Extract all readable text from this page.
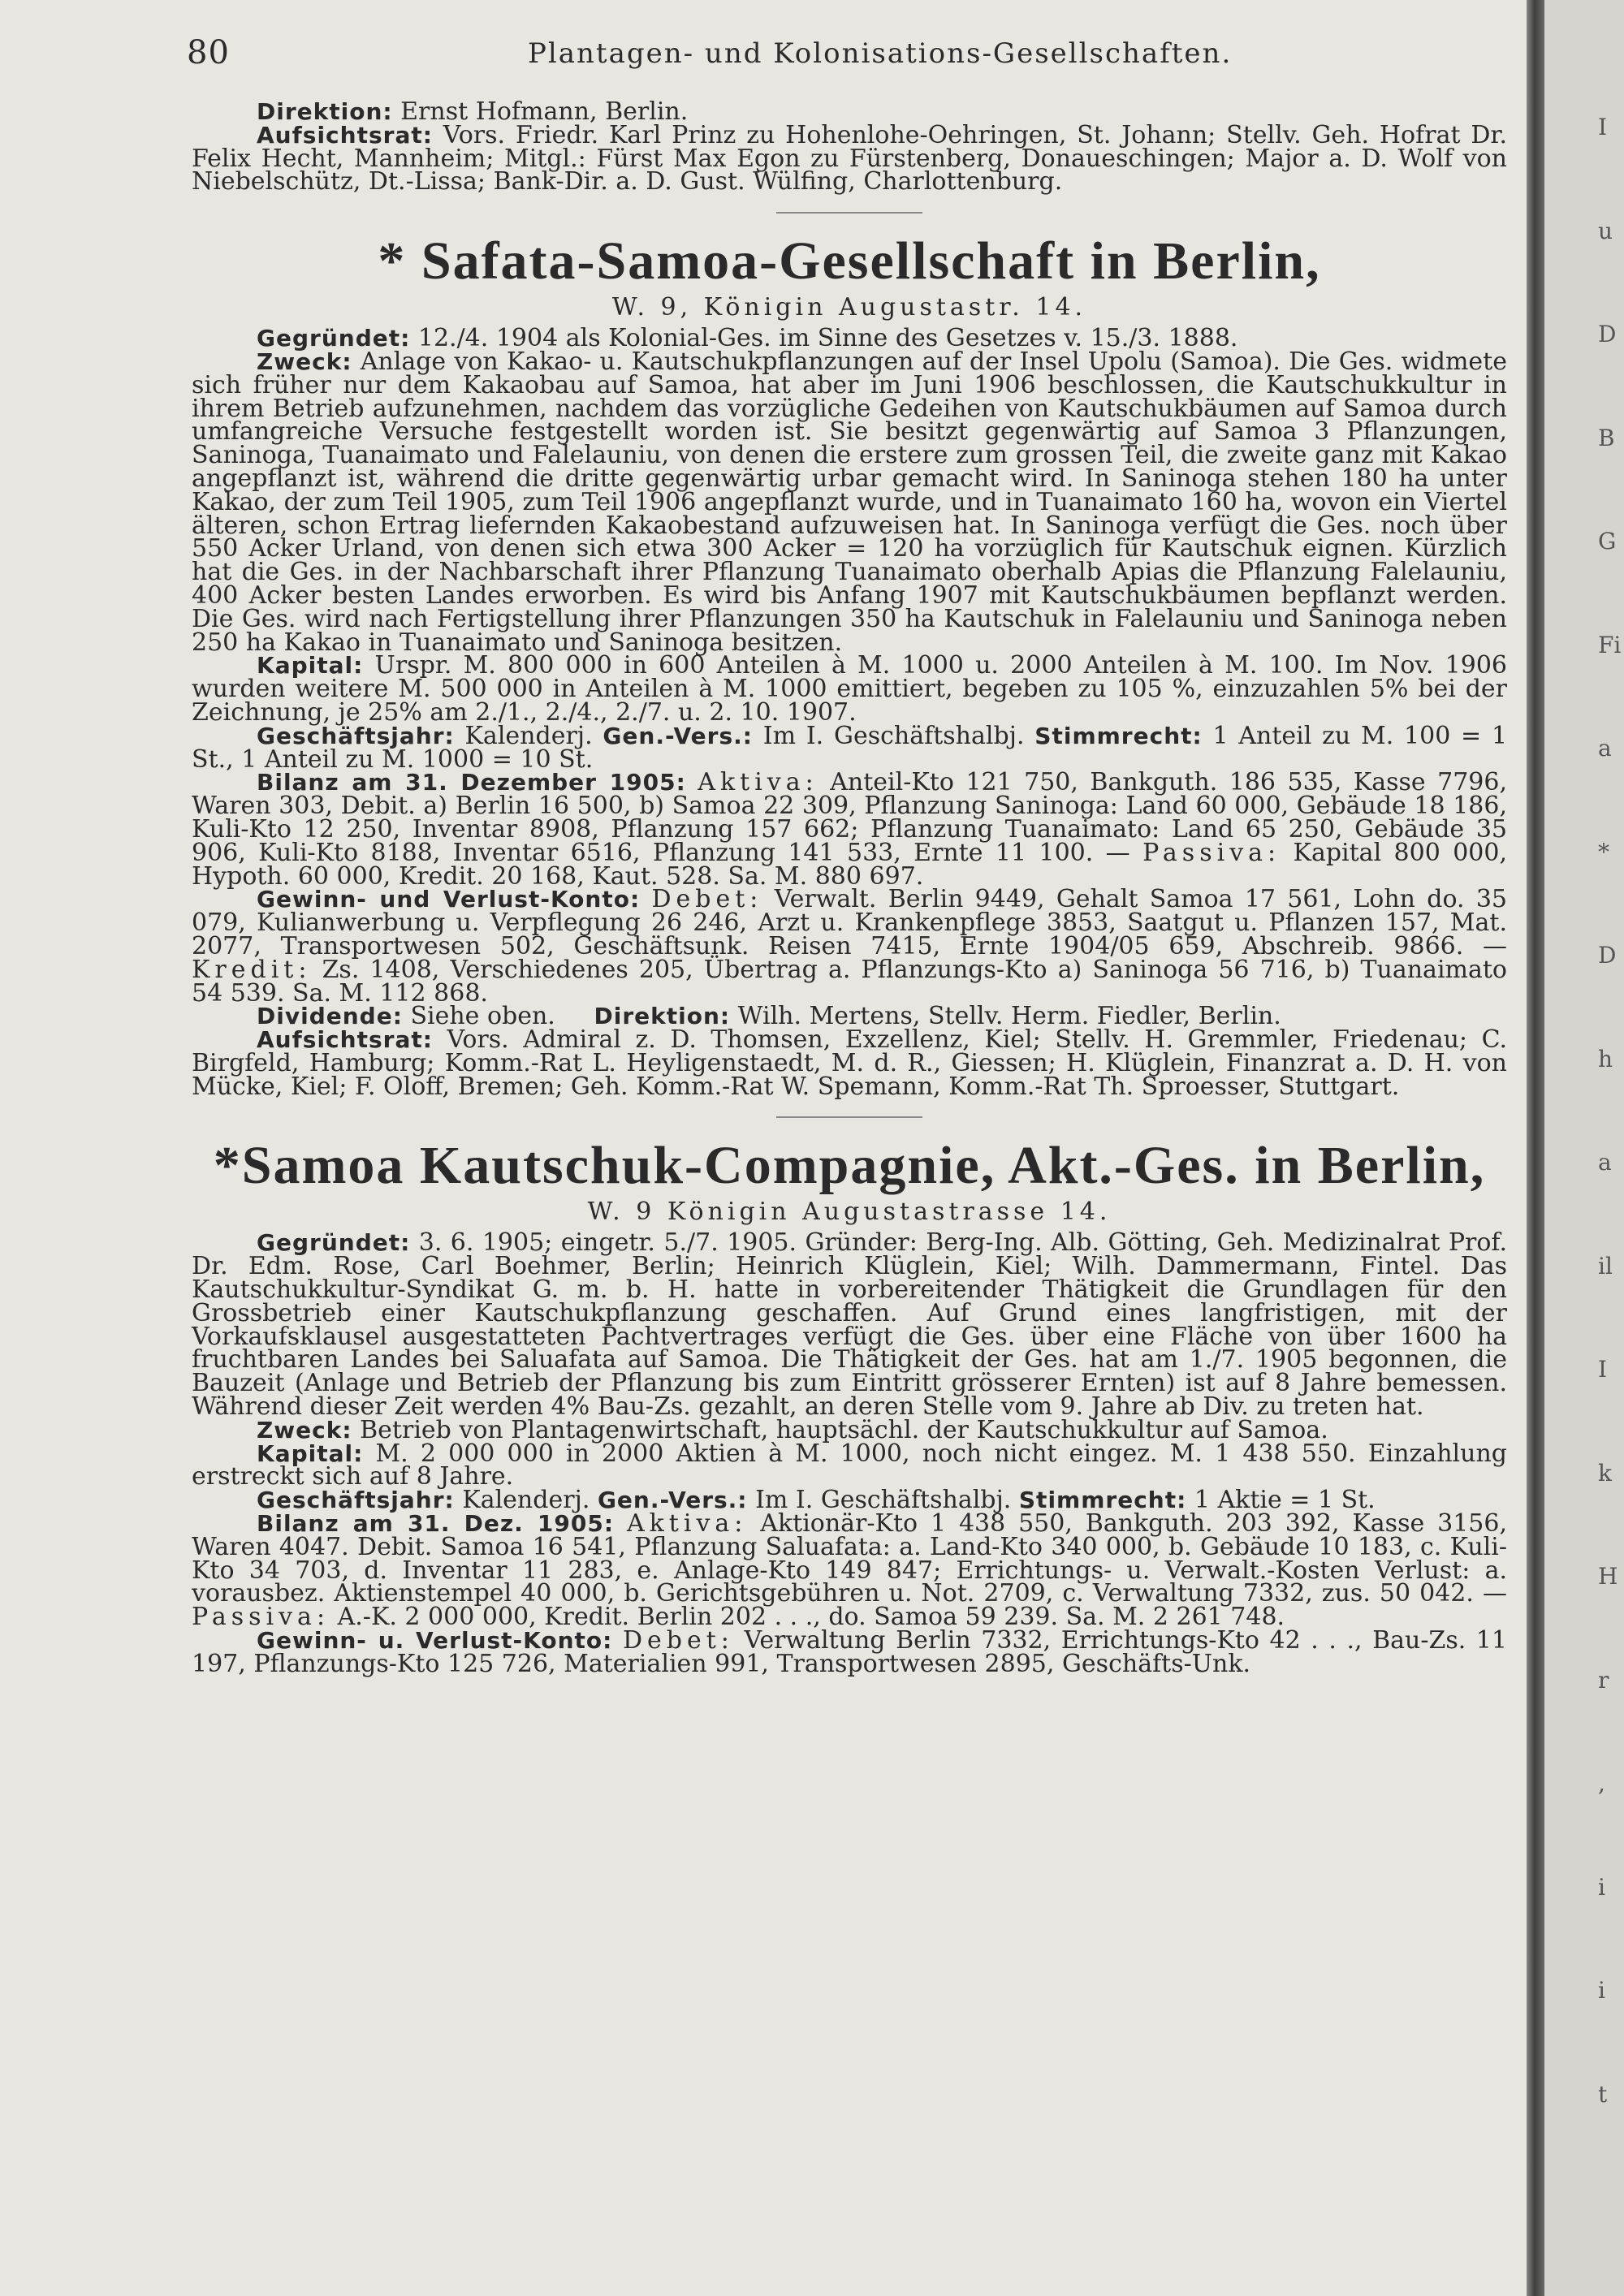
80	Plantagen- und Kolonisations-Gesellschaften.

Direktion: Ernst Hofmann, Berlin.

Aufsichtsrat: Vors. Friedr. Karl Prinz zu Hohenlohe-Oehringen, St. Johann; Stellv. Geh. Hofrat Dr. Felix Hecht, Mannheim; Mitgl.: Fürst Max Egon zu Fürstenberg, Donaueschingen; Major a. D. Wolf von Niebelschütz, Dt.-Lissa; Bank-Dir. a. D. Gust. Wülfing, Charlottenburg.

* Safata-Samoa-Gesellschaft in Berlin,

W. 9, Königin Augustastr. 14.

Gegründet: 12./4. 1904 als Kolonial-Ges. im Sinne des Gesetzes v. 15./3. 1888.

Zweck: Anlage von Kakao- u. Kautschukpflanzungen auf der Insel Upolu (Samoa). Die Ges. widmete sich früher nur dem Kakaobau auf Samoa, hat aber im Juni 1906 beschlossen, die Kautschukkultur in ihrem Betrieb aufzunehmen, nachdem das vorzügliche Gedeihen von Kautschukbäumen auf Samoa durch umfangreiche Versuche festgestellt worden ist. Sie besitzt gegenwärtig auf Samoa 3 Pflanzungen, Saninoga, Tuanaimato und Falelauniu, von denen die erstere zum grossen Teil, die zweite ganz mit Kakao angepflanzt ist, während die dritte gegenwärtig urbar gemacht wird. In Saninoga stehen 180 ha unter Kakao, der zum Teil 1905, zum Teil 1906 angepflanzt wurde, und in Tuanaimato 160 ha, wovon ein Viertel älteren, schon Ertrag liefernden Kakaobestand aufzuweisen hat. In Saninoga verfügt die Ges. noch über 550 Acker Urland, von denen sich etwa 300 Acker = 120 ha vorzüglich für Kautschuk eignen. Kürzlich hat die Ges. in der Nachbarschaft ihrer Pflanzung Tuanaimato oberhalb Apias die Pflanzung Falelauniu, 400 Acker besten Landes erworben. Es wird bis Anfang 1907 mit Kautschukbäumen bepflanzt werden. Die Ges. wird nach Fertigstellung ihrer Pflanzungen 350 ha Kautschuk in Falelauniu und Saninoga neben 250 ha Kakao in Tuanaimato und Saninoga besitzen.

Kapital: Urspr. M. 800 000 in 600 Anteilen à M. 1000 u. 2000 Anteilen à M. 100. Im Nov. 1906 wurden weitere M. 500 000 in Anteilen à M. 1000 emittiert, begeben zu 105 %, einzuzahlen 5% bei der Zeichnung, je 25% am 2./1., 2./4., 2./7. u. 2. 10. 1907.

Geschäftsjahr: Kalenderj. Gen.-Vers.: Im I. Geschäftshalbj. Stimmrecht: 1 Anteil zu M. 100 = 1 St., 1 Anteil zu M. 1000 = 10 St.

Bilanz am 31. Dezember 1905: Aktiva: Anteil-Kto 121 750, Bankguth. 186 535, Kasse 7796, Waren 303, Debit. a) Berlin 16 500, b) Samoa 22 309, Pflanzung Saninoga: Land 60 000, Gebäude 18 186, Kuli-Kto 12 250, Inventar 8908, Pflanzung 157 662; Pflanzung Tuanaimato: Land 65 250, Gebäude 35 906, Kuli-Kto 8188, Inventar 6516, Pflanzung 141 533, Ernte 11 100. — Passiva: Kapital 800 000, Hypoth. 60 000, Kredit. 20 168, Kaut. 528. Sa. M. 880 697.

Gewinn- und Verlust-Konto: Debet: Verwalt. Berlin 9449, Gehalt Samoa 17 561, Lohn do. 35 079, Kulianwerbung u. Verpflegung 26 246, Arzt u. Krankenpflege 3853, Saatgut u. Pflanzen 157, Mat. 2077, Transportwesen 502, Geschäftsunk. Reisen 7415, Ernte 1904/05 659, Abschreib. 9866. — Kredit: Zs. 1408, Verschiedenes 205, Übertrag a. Pflanzungs-Kto a) Saninoga 56 716, b) Tuanaimato 54 539. Sa. M. 112 868.

Dividende: Siehe oben. Direktion: Wilh. Mertens, Stellv. Herm. Fiedler, Berlin.

Aufsichtsrat: Vors. Admiral z. D. Thomsen, Exzellenz, Kiel; Stellv. H. Gremmler, Friedenau; C. Birgfeld, Hamburg; Komm.-Rat L. Heyligenstaedt, M. d. R., Giessen; H. Klüglein, Finanzrat a. D. H. von Mücke, Kiel; F. Oloff, Bremen; Geh. Komm.-Rat W. Spemann, Komm.-Rat Th. Sproesser, Stuttgart.

*Samoa Kautschuk-Compagnie, Akt.-Ges. in Berlin,

W. 9 Königin Augustastrasse 14.

Gegründet: 3. 6. 1905; eingetr. 5./7. 1905. Gründer: Berg-Ing. Alb. Götting, Geh. Medizinalrat Prof. Dr. Edm. Rose, Carl Boehmer, Berlin; Heinrich Klüglein, Kiel; Wilh. Dammermann, Fintel. Das Kautschukkultur-Syndikat G. m. b. H. hatte in vorbereitender Thätigkeit die Grundlagen für den Grossbetrieb einer Kautschukpflanzung geschaffen. Auf Grund eines langfristigen, mit der Vorkaufsklausel ausgestatteten Pachtvertrages verfügt die Ges. über eine Fläche von über 1600 ha fruchtbaren Landes bei Saluafata auf Samoa. Die Thätigkeit der Ges. hat am 1./7. 1905 begonnen, die Bauzeit (Anlage und Betrieb der Pflanzung bis zum Eintritt grösserer Ernten) ist auf 8 Jahre bemessen. Während dieser Zeit werden 4% Bau-Zs. gezahlt, an deren Stelle vom 9. Jahre ab Div. zu treten hat.

Zweck: Betrieb von Plantagenwirtschaft, hauptsächl. der Kautschukkultur auf Samoa.

Kapital: M. 2 000 000 in 2000 Aktien à M. 1000, noch nicht eingez. M. 1 438 550. Einzahlung erstreckt sich auf 8 Jahre.

Geschäftsjahr: Kalenderj. Gen.-Vers.: Im I. Geschäftshalbj. Stimmrecht: 1 Aktie = 1 St.

Bilanz am 31. Dez. 1905: Aktiva: Aktionär-Kto 1 438 550, Bankguth. 203 392, Kasse 3156, Waren 4047. Debit. Samoa 16 541, Pflanzung Saluafata: a. Land-Kto 340 000, b. Gebäude 10 183, c. Kuli-Kto 34 703, d. Inventar 11 283, e. Anlage-Kto 149 847; Errichtungs- u. Verwalt.-Kosten Verlust: a. vorausbez. Aktienstempel 40 000, b. Gerichtsgebühren u. Not. 2709, c. Verwaltung 7332, zus. 50 042. — Passiva: A.-K. 2 000 000, Kredit. Berlin 202 . . ., do. Samoa 59 239. Sa. M. 2 261 748.

Gewinn- u. Verlust-Konto: Debet: Verwaltung Berlin 7332, Errichtungs-Kto 42 . . ., Bau-Zs. 11 197, Pflanzungs-Kto 125 726, Materialien 991, Transportwesen 2895, Geschäfts-Unk.

I
u
D
B
G
Fi
a
*
D
h
a
il
I
k
H
r
,
i
i
t
